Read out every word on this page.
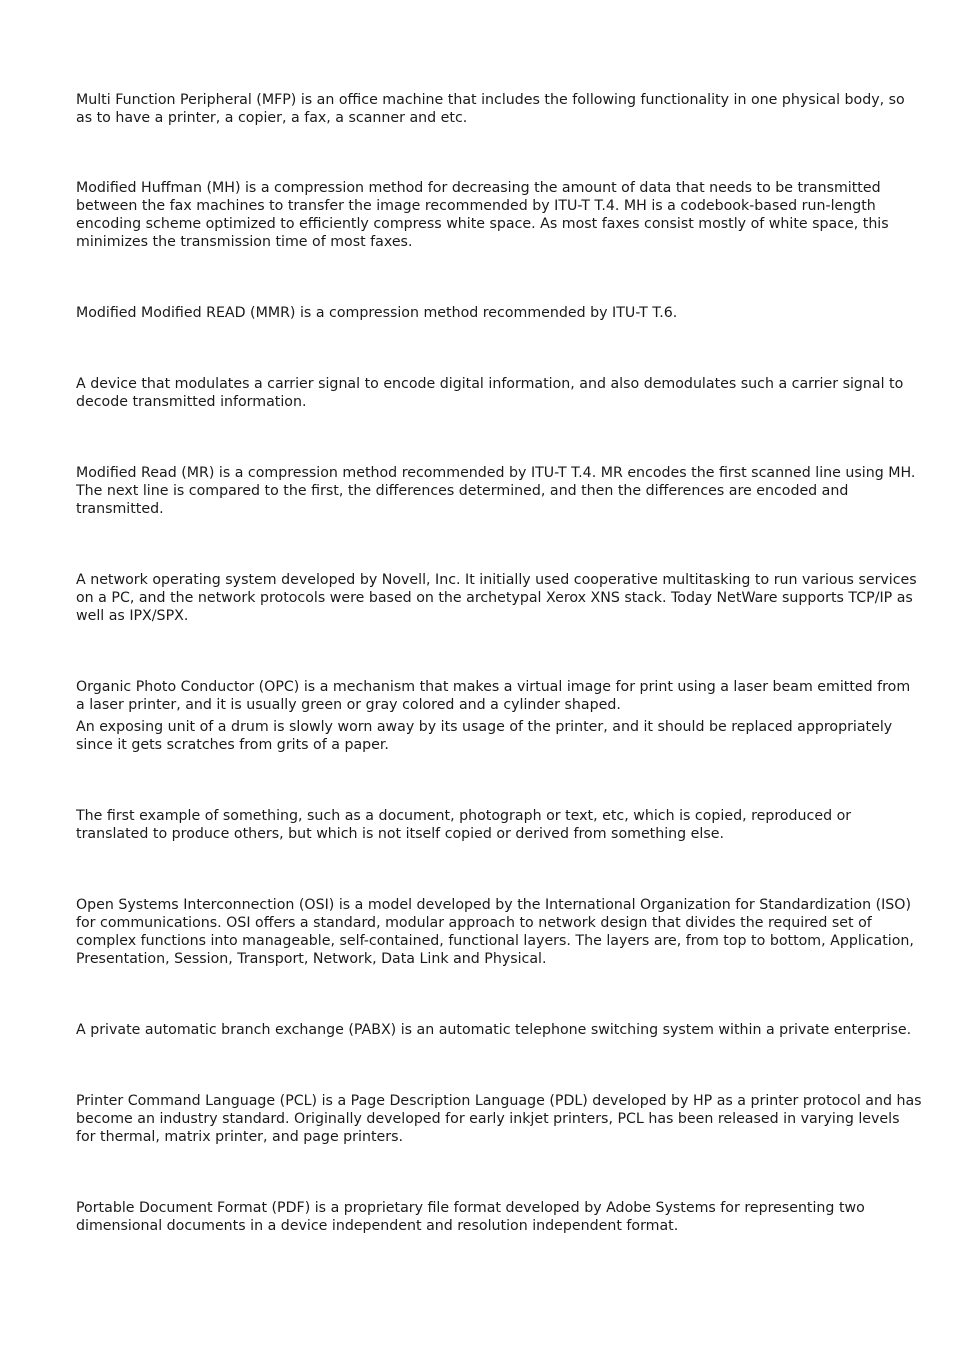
Multi Function Peripheral (MFP) is an office machine that includes the following functionality in one physical body, so as to have a printer, a copier, a fax, a scanner and etc.

Modified Huffman (MH) is a compression method for decreasing the amount of data that needs to be transmitted between the fax machines to transfer the image recommended by ITU-T T.4. MH is a codebook-based run-length encoding scheme optimized to efficiently compress white space. As most faxes consist mostly of white space, this minimizes the transmission time of most faxes.

Modified Modified READ (MMR) is a compression method recommended by ITU-T T.6.

A device that modulates a carrier signal to encode digital information, and also demodulates such a carrier signal to decode transmitted information.

Modified Read (MR) is a compression method recommended by ITU-T T.4. MR encodes the first scanned line using MH. The next line is compared to the first, the differences determined, and then the differences are encoded and transmitted.

A network operating system developed by Novell, Inc. It initially used cooperative multitasking to run various services on a PC, and the network protocols were based on the archetypal Xerox XNS stack. Today NetWare supports TCP/IP as well as IPX/SPX.

Organic Photo Conductor (OPC) is a mechanism that makes a virtual image for print using a laser beam emitted from a laser printer, and it is usually green or gray colored and a cylinder shaped.

An exposing unit of a drum is slowly worn away by its usage of the printer, and it should be replaced appropriately since it gets scratches from grits of a paper.

The first example of something, such as a document, photograph or text, etc, which is copied, reproduced or translated to produce others, but which is not itself copied or derived from something else.

Open Systems Interconnection (OSI) is a model developed by the International Organization for Standardization (ISO) for communications. OSI offers a standard, modular approach to network design that divides the required set of complex functions into manageable, self-contained, functional layers. The layers are, from top to bottom, Application, Presentation, Session, Transport, Network, Data Link and Physical.

A private automatic branch exchange (PABX) is an automatic telephone switching system within a private enterprise.

Printer Command Language (PCL) is a Page Description Language (PDL) developed by HP as a printer protocol and has become an industry standard. Originally developed for early inkjet printers, PCL has been released in varying levels for thermal, matrix printer, and page printers.

Portable Document Format (PDF) is a proprietary file format developed by Adobe Systems for representing two dimensional documents in a device independent and resolution independent format.
